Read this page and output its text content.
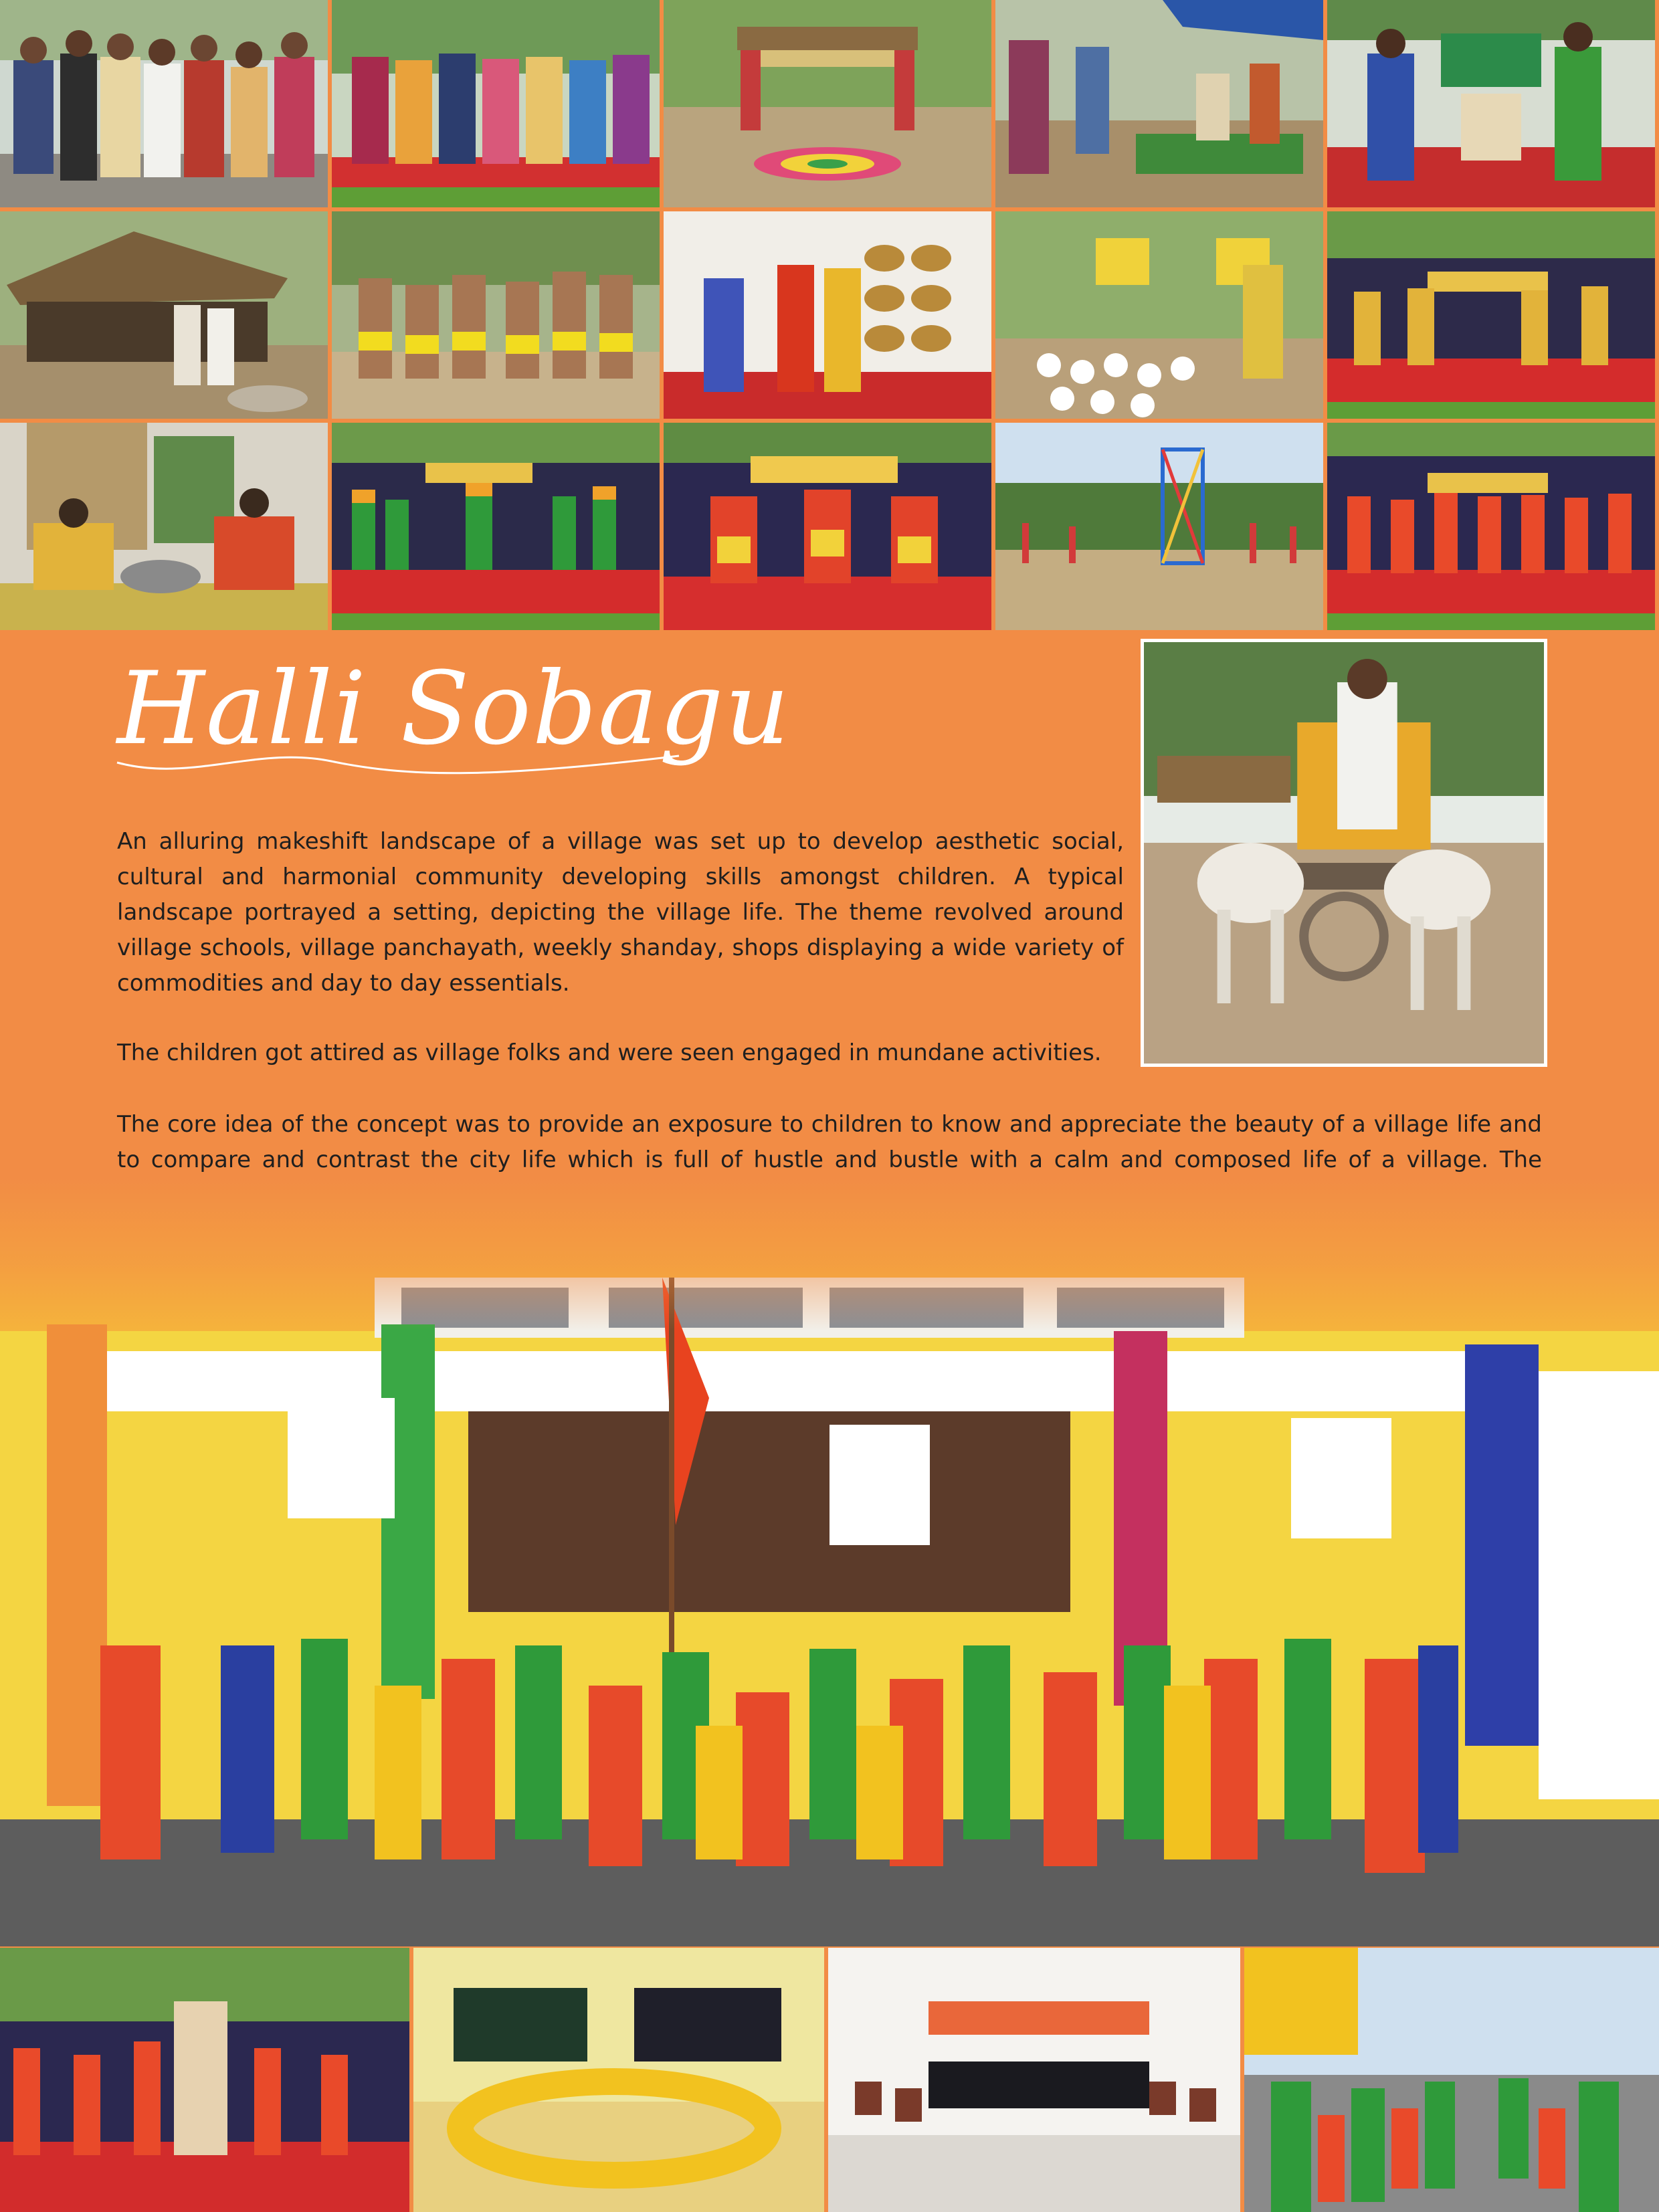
Halli Sobagu

An alluring makeshift landscape of a village was set up to develop aesthetic social, cultural and harmonial community developing skills amongst children. A typical landscape portrayed a setting, depicting the village life. The theme revolved around village schools, village panchayath, weekly shanday, shops displaying a wide variety of commodities and day to day essentials.

The children got attired as village folks and were seen engaged in mundane activities.

The core idea of the concept was to provide an exposure to children to know and appreciate the beauty of a village life and to compare and contrast the city life which is full of hustle and bustle with a calm and composed life of a village. The
